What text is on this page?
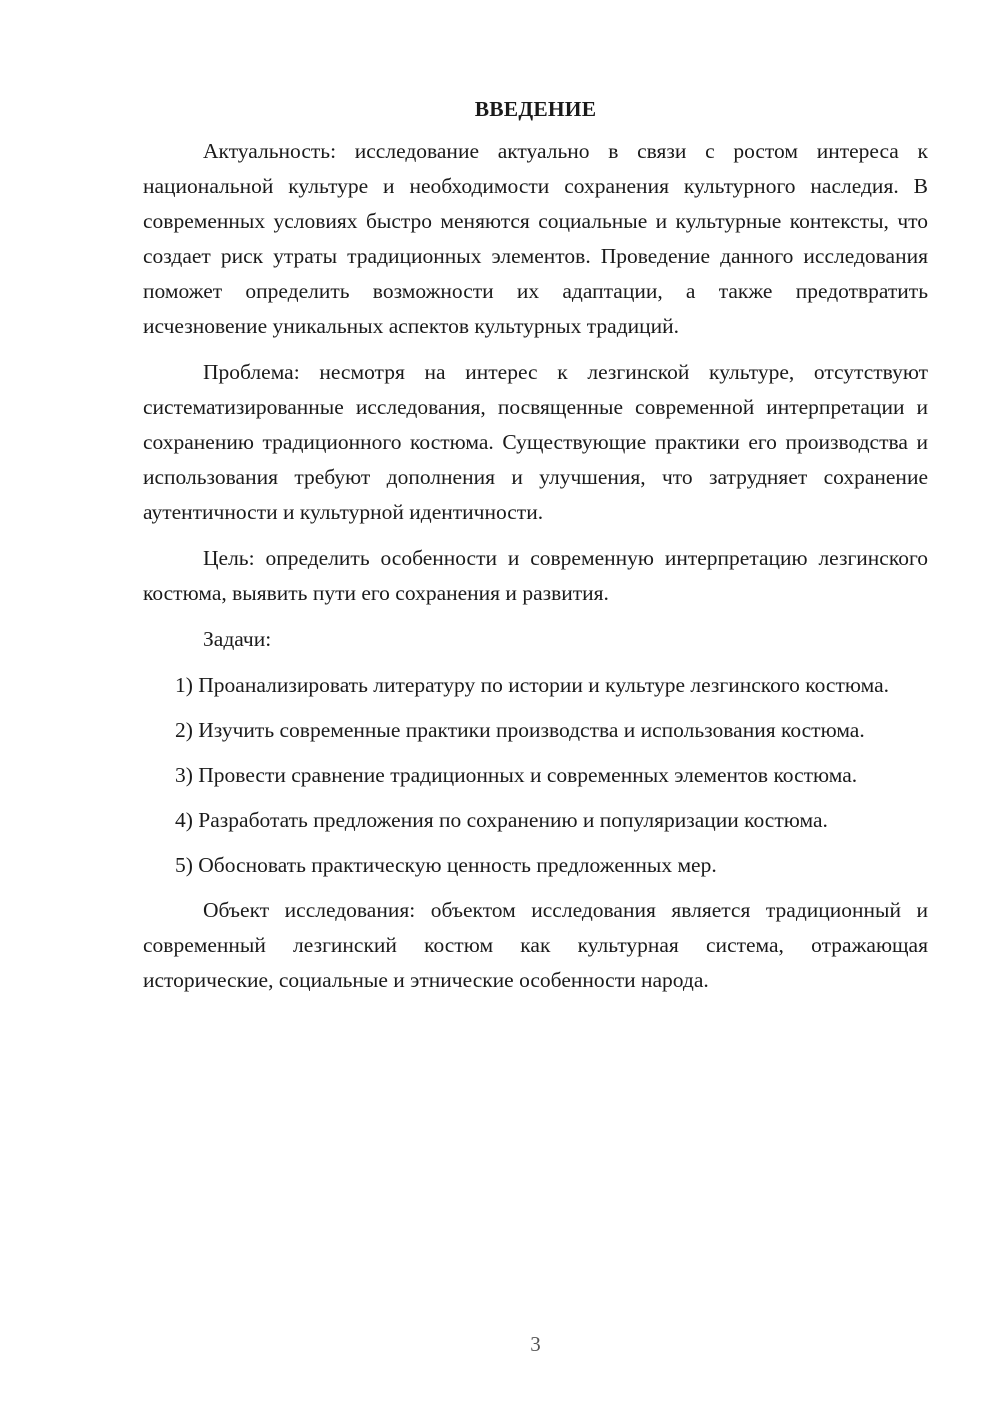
ВВЕДЕНИЕ

Актуальность: исследование актуально в связи с ростом интереса к национальной культуре и необходимости сохранения культурного наследия. В современных условиях быстро меняются социальные и культурные контексты, что создает риск утраты традиционных элементов. Проведение данного исследования поможет определить возможности их адаптации, а также предотвратить исчезновение уникальных аспектов культурных традиций.

Проблема: несмотря на интерес к лезгинской культуре, отсутствуют систематизированные исследования, посвященные современной интерпретации и сохранению традиционного костюма. Существующие практики его производства и использования требуют дополнения и улучшения, что затрудняет сохранение аутентичности и культурной идентичности.

Цель: определить особенности и современную интерпретацию лезгинского костюма, выявить пути его сохранения и развития.

Задачи:

1) Проанализировать литературу по истории и культуре лезгинского костюма.

2) Изучить современные практики производства и использования костюма.

3) Провести сравнение традиционных и современных элементов костюма.

4) Разработать предложения по сохранению и популяризации костюма.

5) Обосновать практическую ценность предложенных мер.

Объект исследования: объектом исследования является традиционный и современный лезгинский костюм как культурная система, отражающая исторические, социальные и этнические особенности народа.

3
